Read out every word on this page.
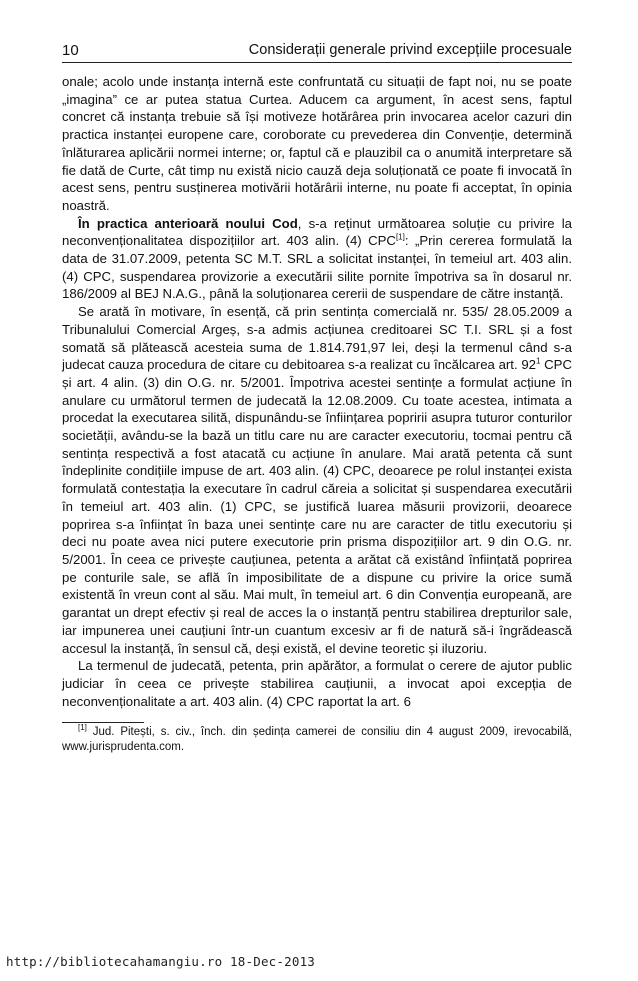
10	Considerații generale privind excepțiile procesuale

onale; acolo unde instanța internă este confruntată cu situații de fapt noi, nu se poate „imagina” ce ar putea statua Curtea. Aducem ca argument, în acest sens, faptul concret că instanța trebuie să își motiveze hotărârea prin invocarea acelor cazuri din practica instanței europene care, coroborate cu prevederea din Convenție, determină înlăturarea aplicării normei interne; or, faptul că e plauzibil ca o anumită interpretare să fie dată de Curte, cât timp nu există nicio cauză deja soluționată ce poate fi invocată în acest sens, pentru susținerea motivării hotărârii interne, nu poate fi acceptat, în opinia noastră.

În practica anterioară noului Cod, s-a reținut următoarea soluție cu privire la neconvenționalitatea dispozițiilor art. 403 alin. (4) CPC[1]: „Prin cererea formulată la data de 31.07.2009, petenta SC M.T. SRL a solicitat instanței, în temeiul art. 403 alin. (4) CPC, suspendarea provizorie a executării silite pornite împotriva sa în dosarul nr. 186/2009 al BEJ N.A.G., până la soluționarea cererii de suspendare de către instanță.

Se arată în motivare, în esență, că prin sentința comercială nr. 535/ 28.05.2009 a Tribunalului Comercial Argeș, s-a admis acțiunea creditoarei SC T.I. SRL și a fost somată să plătească acesteia suma de 1.814.791,97 lei, deși la termenul când s-a judecat cauza procedura de citare cu debitoarea s-a realizat cu încălcarea art. $92^1$ CPC și art. 4 alin. (3) din O.G. nr. 5/2001. Împotriva acestei sentințe a formulat acțiune în anulare cu următorul termen de judecată la 12.08.2009. Cu toate acestea, intimata a procedat la executarea silită, dispunându-se înființarea popririi asupra tuturor conturilor societății, avându-se la bază un titlu care nu are caracter executoriu, tocmai pentru că sentința respectivă a fost atacată cu acțiune în anulare. Mai arată petenta că sunt îndeplinite condițiile impuse de art. 403 alin. (4) CPC, deoarece pe rolul instanței exista formulată contestația la executare în cadrul căreia a solicitat și suspendarea executării în temeiul art. 403 alin. (1) CPC, se justifică luarea măsurii provizorii, deoarece poprirea s-a înființat în baza unei sentințe care nu are caracter de titlu executoriu și deci nu poate avea nici putere executorie prin prisma dispozițiilor art. 9 din O.G. nr. 5/2001. În ceea ce privește cauțiunea, petenta a arătat că existând înființată poprirea pe conturile sale, se află în imposibilitate de a dispune cu privire la orice sumă existentă în vreun cont al său. Mai mult, în temeiul art. 6 din Convenția europeană, are garantat un drept efectiv și real de acces la o instanță pentru stabilirea drepturilor sale, iar impunerea unei cauțiuni într-un cuantum excesiv ar fi de natură să-i îngrădească accesul la instanță, în sensul că, deși există, el devine teoretic și iluzoriu.

La termenul de judecată, petenta, prin apărător, a formulat o cerere de ajutor public judiciar în ceea ce privește stabilirea cauțiunii, a invocat apoi excepția de neconvenționalitate a art. 403 alin. (4) CPC raportat la art. 6

[1] Jud. Pitești, s. civ., înch. din ședința camerei de consiliu din 4 august 2009, irevocabilă, www.jurisprudenta.com.
http://bibliotecahamangiu.ro 18-Dec-2013
